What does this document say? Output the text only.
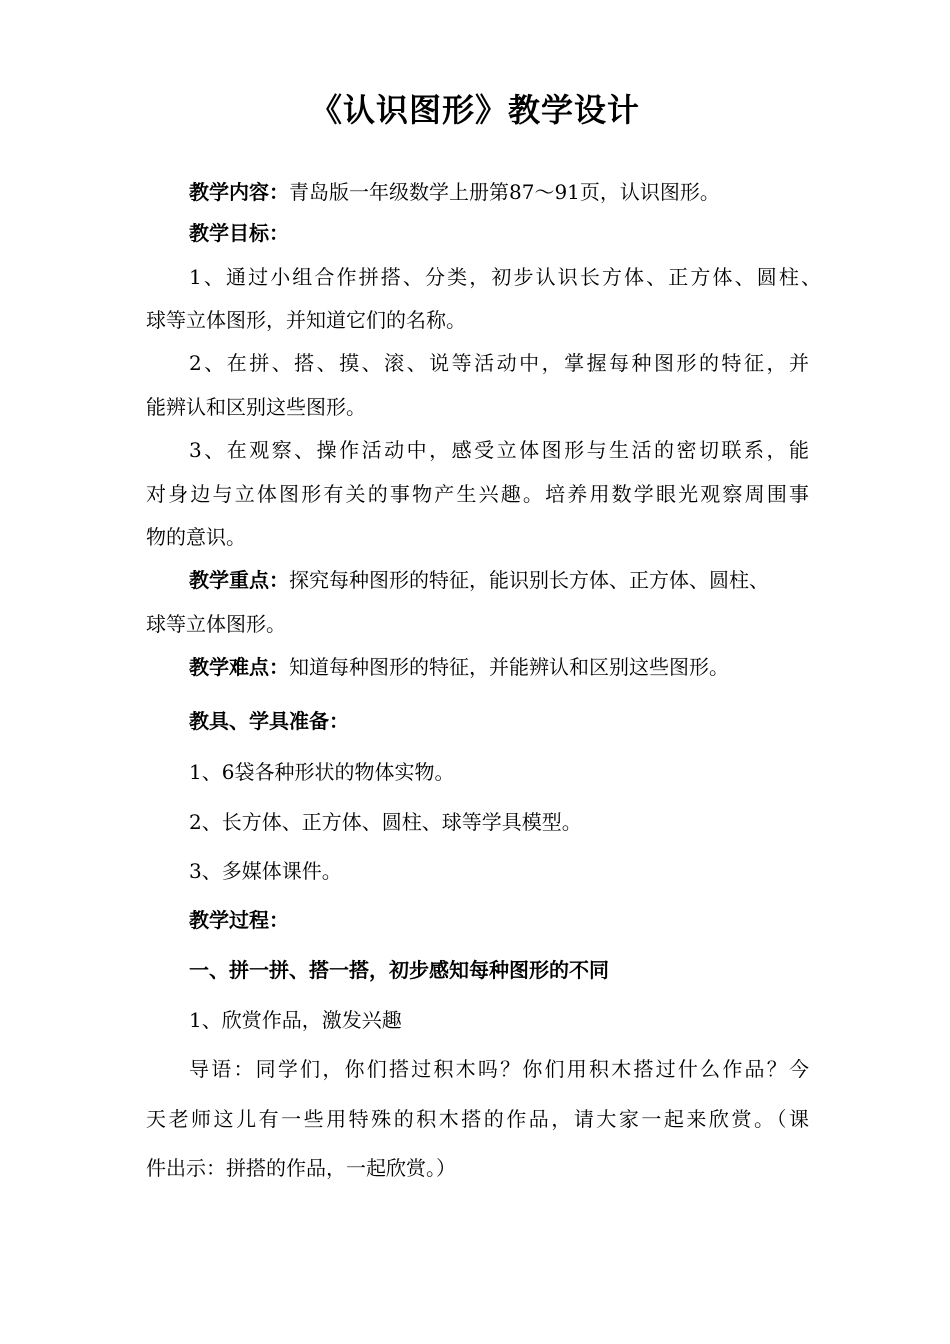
《认识图形》教学设计
教学内容：青岛版一年级数学上册第87～91页，认识图形。
教学目标：
1、通过小组合作拼搭、分类，初步认识长方体、正方体、圆柱、
球等立体图形，并知道它们的名称。
2、在拼、搭、摸、滚、说等活动中，掌握每种图形的特征，并
能辨认和区别这些图形。
3、在观察、操作活动中，感受立体图形与生活的密切联系，能
对身边与立体图形有关的事物产生兴趣。培养用数学眼光观察周围事
物的意识。
教学重点：探究每种图形的特征，能识别长方体、正方体、圆柱、
球等立体图形。
教学难点：知道每种图形的特征，并能辨认和区别这些图形。
教具、学具准备：
1、6袋各种形状的物体实物。
2、长方体、正方体、圆柱、球等学具模型。
3、多媒体课件。
教学过程：
一、拼一拼、搭一搭，初步感知每种图形的不同
1、欣赏作品，激发兴趣
导语：同学们，你们搭过积木吗？你们用积木搭过什么作品？今
天老师这儿有一些用特殊的积木搭的作品，请大家一起来欣赏。（课
件出示：拼搭的作品，一起欣赏。）
